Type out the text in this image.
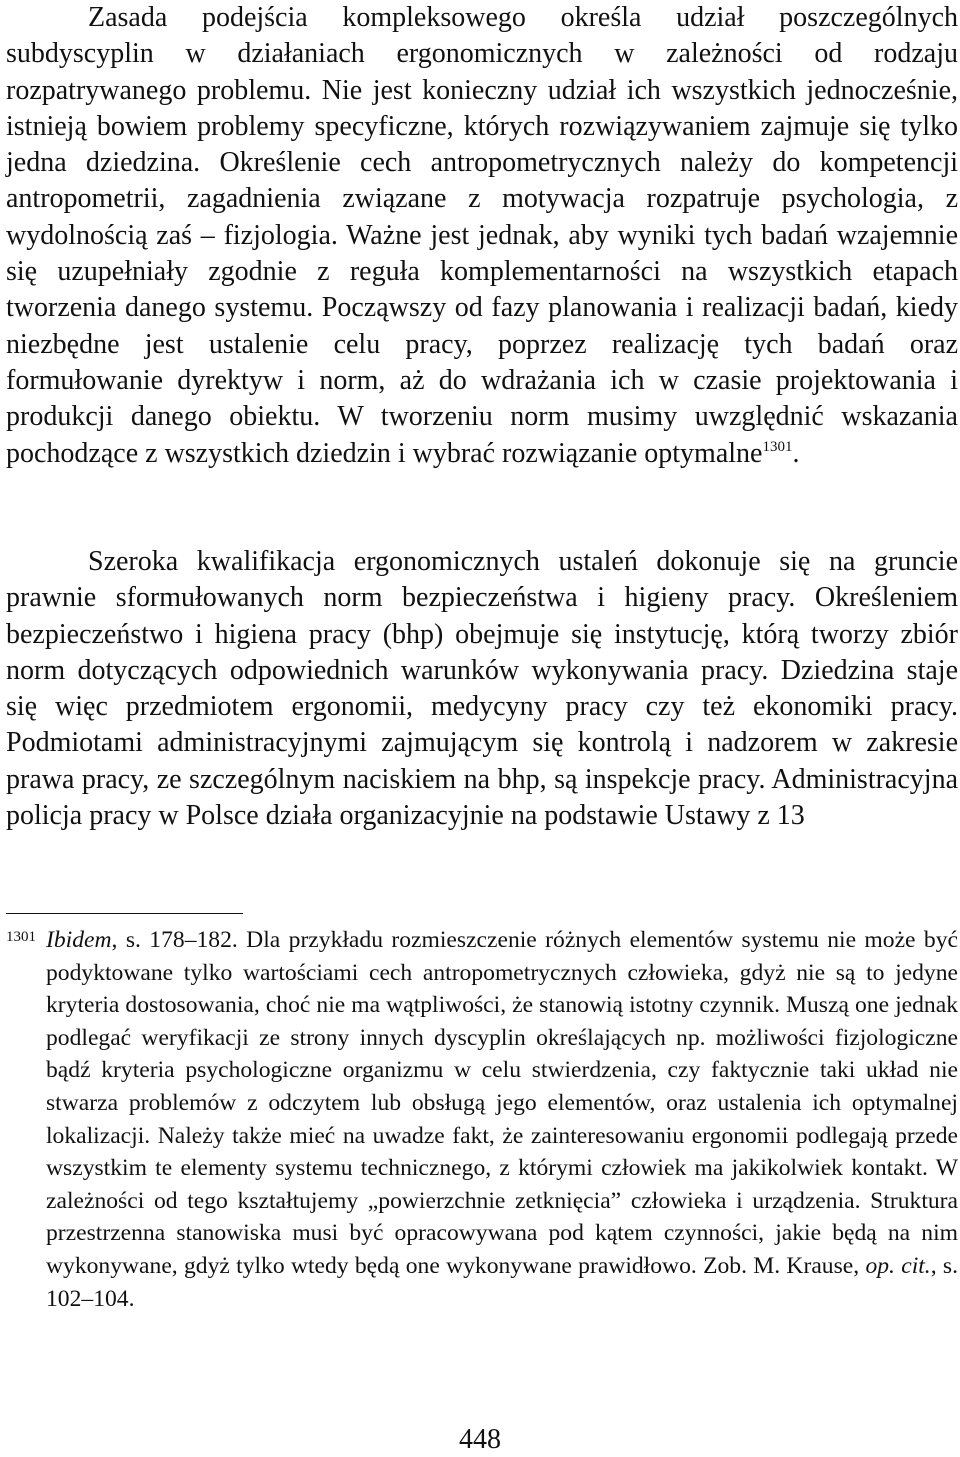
Zasada podejścia kompleksowego określa udział poszczególnych subdyscyplin w działaniach ergonomicznych w zależności od rodzaju rozpatrywanego problemu. Nie jest konieczny udział ich wszystkich jednocześnie, istnieją bowiem problemy specyficzne, których rozwiązywaniem zajmuje się tylko jedna dziedzina. Określenie cech antropometrycznych należy do kompetencji antropometrii, zagadnienia związane z motywacja rozpatruje psychologia, z wydolnością zaś – fizjologia. Ważne jest jednak, aby wyniki tych badań wzajemnie się uzupełniały zgodnie z reguła komplementarności na wszystkich etapach tworzenia danego systemu. Począwszy od fazy planowania i realizacji badań, kiedy niezbędne jest ustalenie celu pracy, poprzez realizację tych badań oraz formułowanie dyrektyw i norm, aż do wdrażania ich w czasie projektowania i produkcji danego obiektu. W tworzeniu norm musimy uwzględnić wskazania pochodzące z wszystkich dziedzin i wybrać rozwiązanie optymalne$^{1301}$.

Szeroka kwalifikacja ergonomicznych ustaleń dokonuje się na gruncie prawnie sformułowanych norm bezpieczeństwa i higieny pracy. Określeniem bezpieczeństwo i higiena pracy (bhp) obejmuje się instytucję, którą tworzy zbiór norm dotyczących odpowiednich warunków wykonywania pracy. Dziedzina staje się więc przedmiotem ergonomii, medycyny pracy czy też ekonomiki pracy. Podmiotami administracyjnymi zajmującym się kontrolą i nadzorem w zakresie prawa pracy, ze szczególnym naciskiem na bhp, są inspekcje pracy. Administracyjna policja pracy w Polsce działa organizacyjnie na podstawie Ustawy z 13

1301 Ibidem, s. 178–182. Dla przykładu rozmieszczenie różnych elementów systemu nie może być podyktowane tylko wartościami cech antropometrycznych człowieka, gdyż nie są to jedyne kryteria dostosowania, choć nie ma wątpliwości, że stanowią istotny czynnik. Muszą one jednak podlegać weryfikacji ze strony innych dyscyplin określających np. możliwości fizjologiczne bądź kryteria psychologiczne organizmu w celu stwierdzenia, czy faktycznie taki układ nie stwarza problemów z odczytem lub obsługą jego elementów, oraz ustalenia ich optymalnej lokalizacji. Należy także mieć na uwadze fakt, że zainteresowaniu ergonomii podlegają przede wszystkim te elementy systemu technicznego, z którymi człowiek ma jakikolwiek kontakt. W zależności od tego kształtujemy „powierzchnie zetknięcia” człowieka i urządzenia. Struktura przestrzenna stanowiska musi być opracowywana pod kątem czynności, jakie będą na nim wykonywane, gdyż tylko wtedy będą one wykonywane prawidłowo. Zob. M. Krause, op. cit., s. 102–104.

448
